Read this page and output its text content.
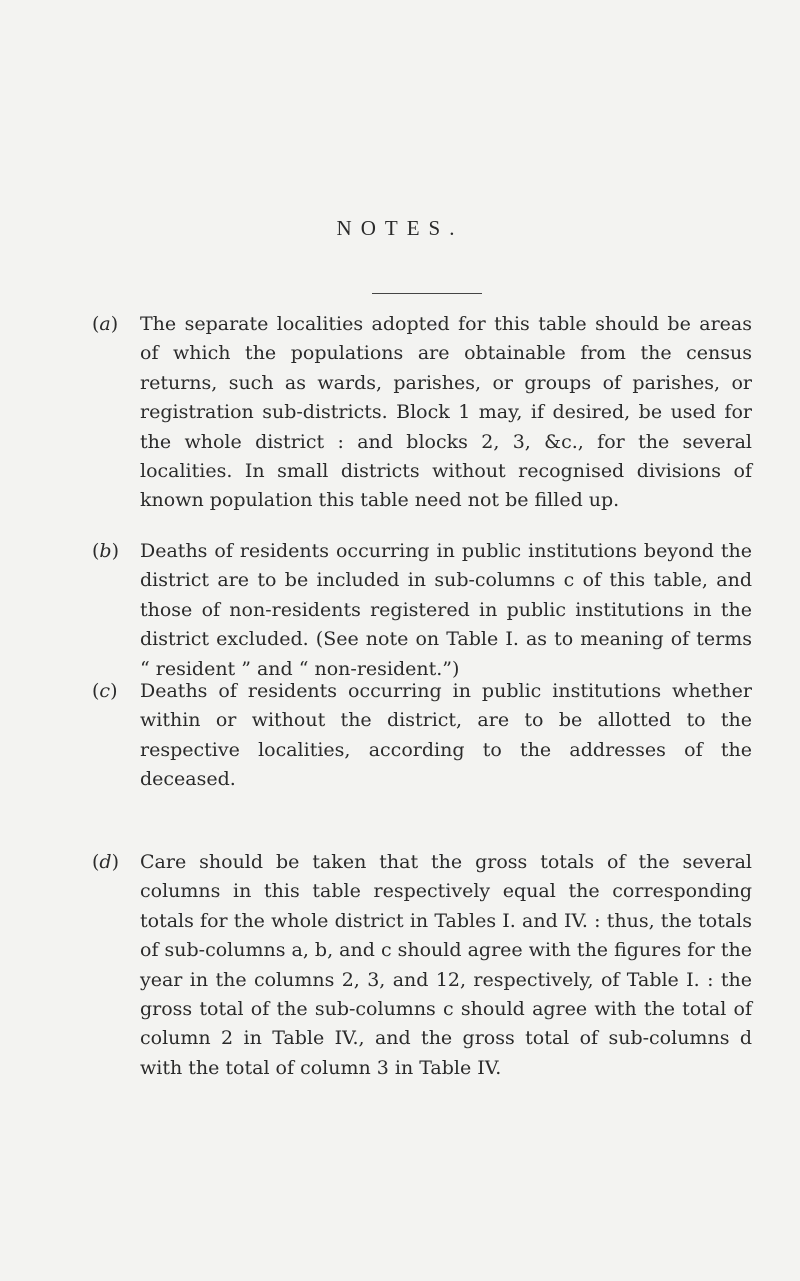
NOTES.
(a)	The separate localities adopted for this table should be areas of which the populations are obtainable from the census returns, such as wards, parishes, or groups of parishes, or registration sub-districts. Block 1 may, if desired, be used for the whole district : and blocks 2, 3, &c., for the several localities. In small districts without recognised divisions of known population this table need not be filled up.

(b)	Deaths of residents occurring in public institutions beyond the district are to be included in sub-columns c of this table, and those of non-residents registered in public institutions in the district excluded. (See note on Table I. as to meaning of terms “ resident ” and “ non-resident.”)

(c)	Deaths of residents occurring in public institutions whether within or without the district, are to be allotted to the respective localities, according to the addresses of the deceased.

(d)	Care should be taken that the gross totals of the several columns in this table respectively equal the corresponding totals for the whole district in Tables I. and IV. : thus, the totals of sub-columns a, b, and c should agree with the figures for the year in the columns 2, 3, and 12, respectively, of Table I. : the gross total of the sub-columns c should agree with the total of column 2 in Table IV., and the gross total of sub-columns d with the total of column 3 in Table IV.
